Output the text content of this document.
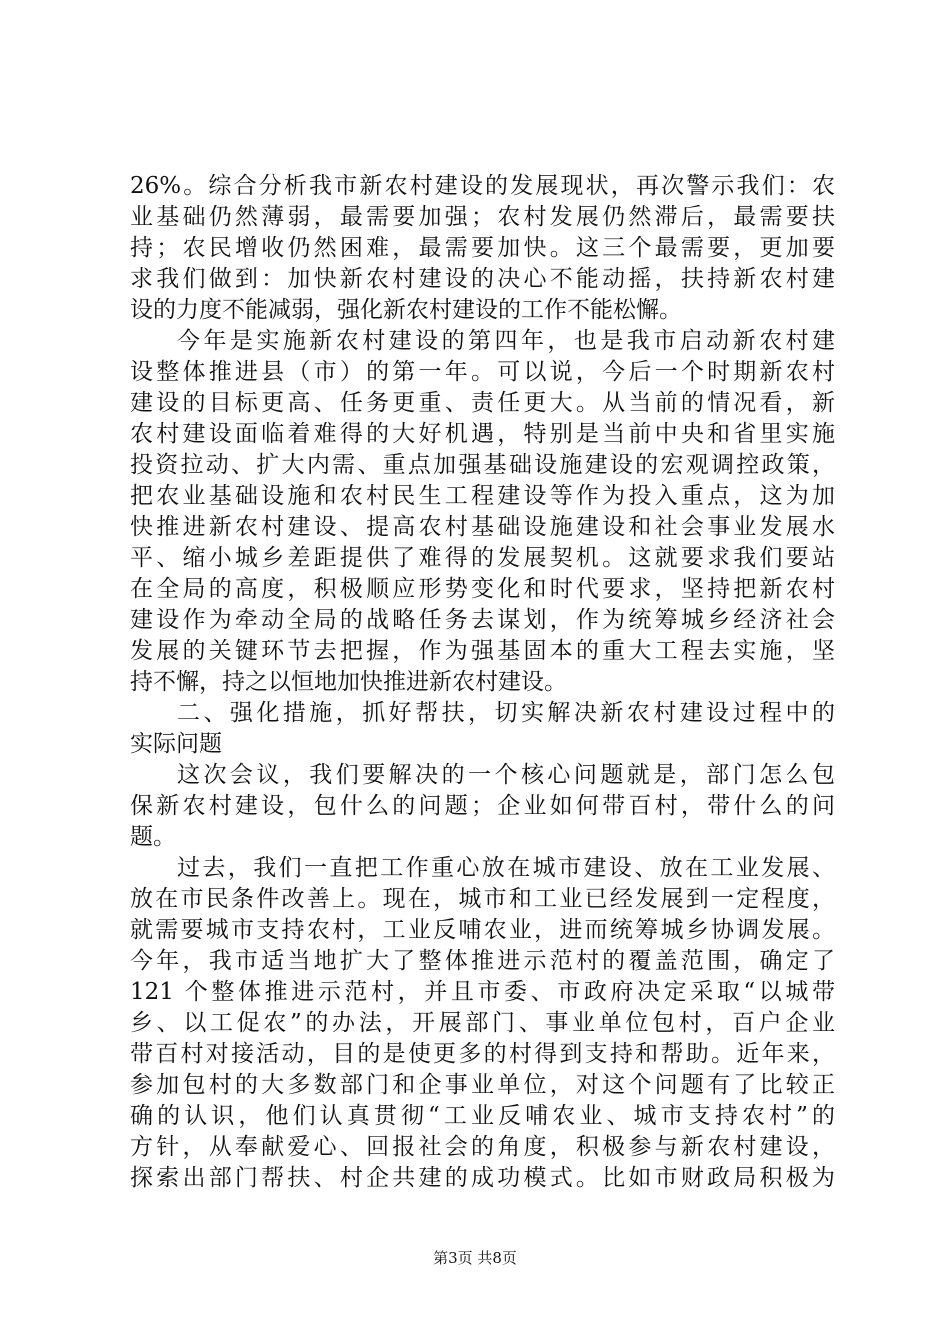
26%。综合分析我市新农村建设的发展现状，再次警示我们：农
业基础仍然薄弱，最需要加强；农村发展仍然滞后，最需要扶
持；农民增收仍然困难，最需要加快。这三个最需要，更加要
求我们做到：加快新农村建设的决心不能动摇，扶持新农村建
设的力度不能减弱，强化新农村建设的工作不能松懈。
今年是实施新农村建设的第四年，也是我市启动新农村建
设整体推进县（市）的第一年。可以说，今后一个时期新农村
建设的目标更高、任务更重、责任更大。从当前的情况看，新
农村建设面临着难得的大好机遇，特别是当前中央和省里实施
投资拉动、扩大内需、重点加强基础设施建设的宏观调控政策，
把农业基础设施和农村民生工程建设等作为投入重点，这为加
快推进新农村建设、提高农村基础设施建设和社会事业发展水
平、缩小城乡差距提供了难得的发展契机。这就要求我们要站
在全局的高度，积极顺应形势变化和时代要求，坚持把新农村
建设作为牵动全局的战略任务去谋划，作为统筹城乡经济社会
发展的关键环节去把握，作为强基固本的重大工程去实施，坚
持不懈，持之以恒地加快推进新农村建设。
二、强化措施，抓好帮扶，切实解决新农村建设过程中的
实际问题
这次会议，我们要解决的一个核心问题就是，部门怎么包
保新农村建设，包什么的问题；企业如何带百村，带什么的问
题。
过去，我们一直把工作重心放在城市建设、放在工业发展、
放在市民条件改善上。现在，城市和工业已经发展到一定程度，
就需要城市支持农村，工业反哺农业，进而统筹城乡协调发展。
今年，我市适当地扩大了整体推进示范村的覆盖范围，确定了
121 个整体推进示范村，并且市委、市政府决定采取“以城带
乡、以工促农”的办法，开展部门、事业单位包村，百户企业
带百村对接活动，目的是使更多的村得到支持和帮助。近年来，
参加包村的大多数部门和企事业单位，对这个问题有了比较正
确的认识，他们认真贯彻“工业反哺农业、城市支持农村”的
方针，从奉献爱心、回报社会的角度，积极参与新农村建设，
探索出部门帮扶、村企共建的成功模式。比如市财政局积极为
第3页 共8页
